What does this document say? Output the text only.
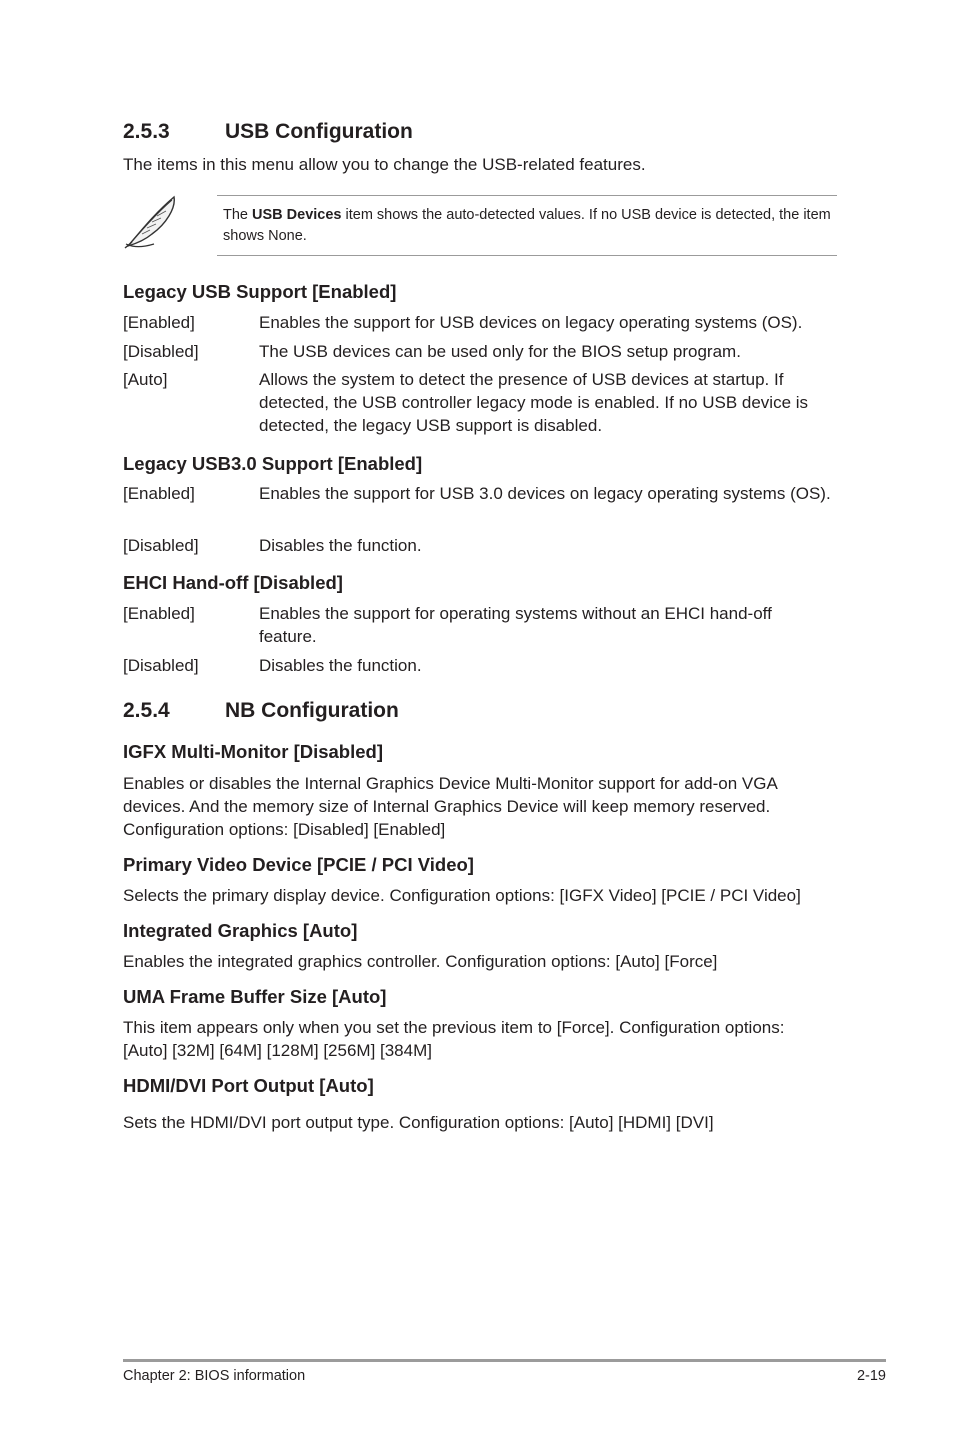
2.5.3	USB Configuration
The items in this menu allow you to change the USB-related features.
The USB Devices item shows the auto-detected values. If no USB device is detected, the item shows None.
Legacy USB Support [Enabled]
[Enabled]	Enables the support for USB devices on legacy operating systems (OS).
[Disabled]	The USB devices can be used only for the BIOS setup program.
[Auto]	Allows the system to detect the presence of USB devices at startup. If detected, the USB controller legacy mode is enabled. If no USB device is detected, the legacy USB support is disabled.
Legacy USB3.0 Support [Enabled]
[Enabled]	Enables the support for USB 3.0 devices on legacy operating systems (OS).
[Disabled]	Disables the function.
EHCI Hand-off [Disabled]
[Enabled]	Enables the support for operating systems without an EHCI hand-off feature.
[Disabled]	Disables the function.
2.5.4	NB Configuration
IGFX Multi-Monitor [Disabled]
Enables or disables the Internal Graphics Device Multi-Monitor support for add-on VGA devices. And the memory size of Internal Graphics Device will keep memory reserved. Configuration options: [Disabled] [Enabled]
Primary Video Device [PCIE / PCI Video]
Selects the primary display device. Configuration options: [IGFX Video] [PCIE / PCI Video]
Integrated Graphics [Auto]
Enables the integrated graphics controller. Configuration options: [Auto] [Force]
UMA Frame Buffer Size [Auto]
This item appears only when you set the previous item to [Force]. Configuration options: [Auto] [32M] [64M] [128M] [256M] [384M]
HDMI/DVI Port Output [Auto]
Sets the HDMI/DVI port output type. Configuration options: [Auto] [HDMI] [DVI]
Chapter 2: BIOS information	2-19
